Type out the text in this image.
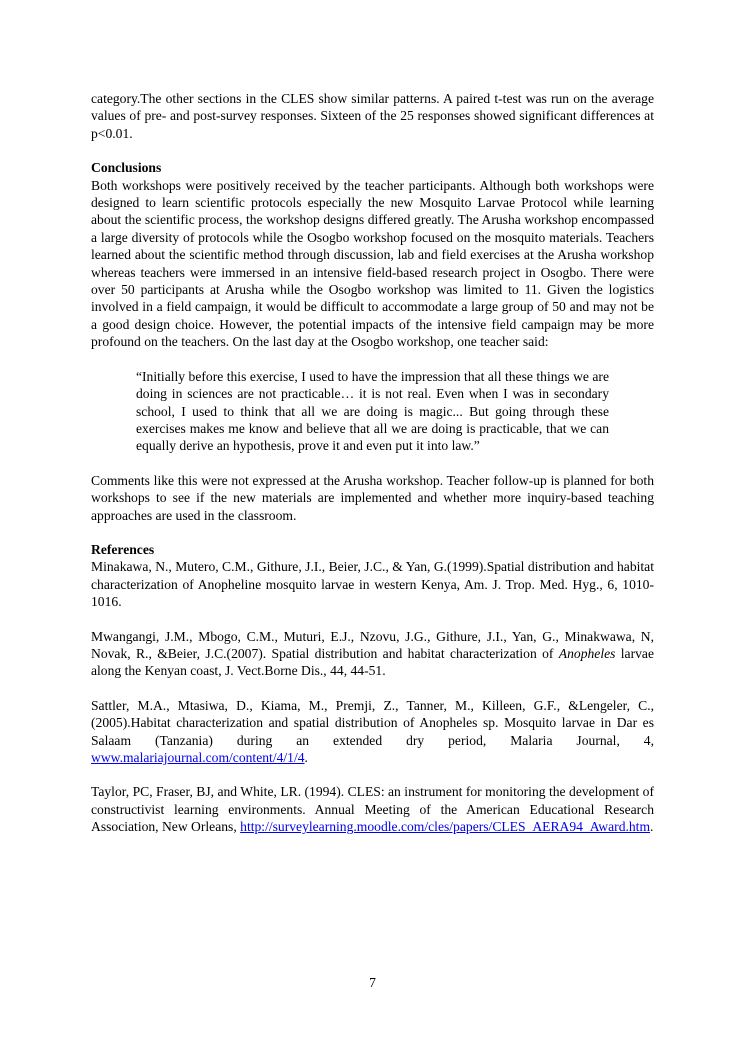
category.The other sections in the CLES show similar patterns. A paired t-test was run on the average values of pre- and post-survey responses. Sixteen of the 25 responses showed significant differences at p<0.01.

Conclusions

Both workshops were positively received by the teacher participants. Although both workshops were designed to learn scientific protocols especially the new Mosquito Larvae Protocol while learning about the scientific process, the workshop designs differed greatly. The Arusha workshop encompassed a large diversity of protocols while the Osogbo workshop focused on the mosquito materials. Teachers learned about the scientific method through discussion, lab and field exercises at the Arusha workshop whereas teachers were immersed in an intensive field-based research project in Osogbo. There were over 50 participants at Arusha while the Osogbo workshop was limited to 11. Given the logistics involved in a field campaign, it would be difficult to accommodate a large group of 50 and may not be a good design choice. However, the potential impacts of the intensive field campaign may be more profound on the teachers. On the last day at the Osogbo workshop, one teacher said:

“Initially before this exercise, I used to have the impression that all these things we are doing in sciences are not practicable… it is not real. Even when I was in secondary school, I used to think that all we are doing is magic... But going through these exercises makes me know and believe that all we are doing is practicable, that we can equally derive an hypothesis, prove it and even put it into law.”

Comments like this were not expressed at the Arusha workshop. Teacher follow-up is planned for both workshops to see if the new materials are implemented and whether more inquiry-based teaching approaches are used in the classroom.

References

Minakawa, N., Mutero, C.M., Githure, J.I., Beier, J.C., & Yan, G.(1999).Spatial distribution and habitat characterization of Anopheline mosquito larvae in western Kenya, Am. J. Trop. Med. Hyg., 6, 1010-1016.

Mwangangi, J.M., Mbogo, C.M., Muturi, E.J., Nzovu, J.G., Githure, J.I., Yan, G., Minakwawa, N, Novak, R., &Beier, J.C.(2007). Spatial distribution and habitat characterization of Anopheles larvae along the Kenyan coast, J. Vect.Borne Dis., 44, 44-51.

Sattler, M.A., Mtasiwa, D., Kiama, M., Premji, Z., Tanner, M., Killeen, G.F., &Lengeler, C., (2005).Habitat characterization and spatial distribution of Anopheles sp. Mosquito larvae in Dar es Salaam (Tanzania) during an extended dry period, Malaria Journal, 4, www.malariajournal.com/content/4/1/4.

Taylor, PC, Fraser, BJ, and White, LR. (1994). CLES: an instrument for monitoring the development of constructivist learning environments. Annual Meeting of the American Educational Research Association, New Orleans, http://surveylearning.moodle.com/cles/papers/CLES_AERA94_Award.htm.

7
